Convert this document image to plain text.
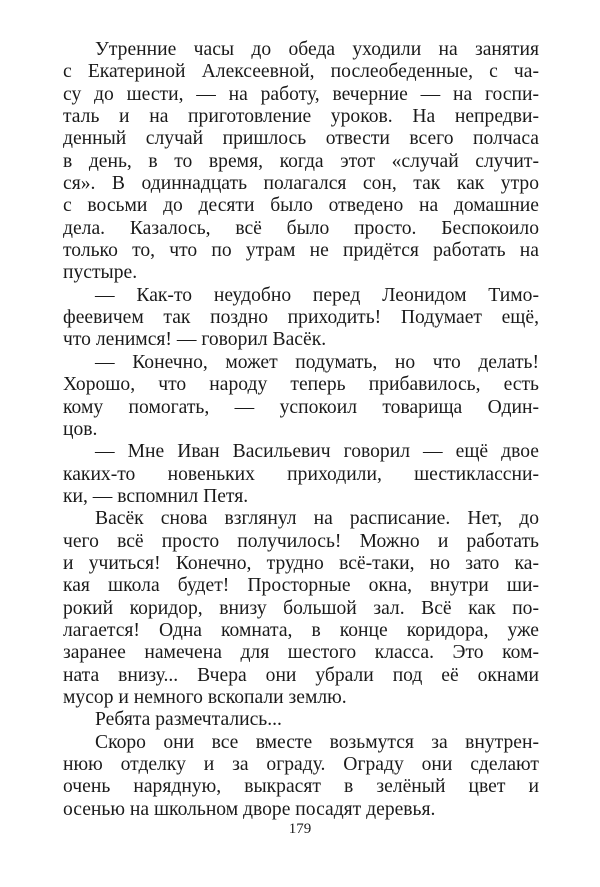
Утренние часы до обеда уходили на занятия
с Екатериной Алексеевной, послеобеденные, с ча-
су до шести, — на работу, вечерние — на госпи-
таль и на приготовление уроков. На непредви-
денный случай пришлось отвести всего полчаса
в день, в то время, когда этот «случай случит-
ся». В одиннадцать полагался сон, так как утро
с восьми до десяти было отведено на домашние
дела. Казалось, всё было просто. Беспокоило
только то, что по утрам не придётся работать на
пустыре.
— Как-то неудобно перед Леонидом Тимо-
феевичем так поздно приходить! Подумает ещё,
что ленимся! — говорил Васёк.
— Конечно, может подумать, но что делать!
Хорошо, что народу теперь прибавилось, есть
кому помогать, — успокоил товарища Один-
цов.
— Мне Иван Васильевич говорил — ещё двое
каких-то новеньких приходили, шестиклассни-
ки, — вспомнил Петя.
Васёк снова взглянул на расписание. Нет, до
чего всё просто получилось! Можно и работать
и учиться! Конечно, трудно всё-таки, но зато ка-
кая школа будет! Просторные окна, внутри ши-
рокий коридор, внизу большой зал. Всё как по-
лагается! Одна комната, в конце коридора, уже
заранее намечена для шестого класса. Это ком-
ната внизу... Вчера они убрали под её окнами
мусор и немного вскопали землю.
Ребята размечтались...
Скоро они все вместе возьмутся за внутрен-
нюю отделку и за ограду. Ограду они сделают
очень нарядную, выкрасят в зелёный цвет и
осенью на школьном дворе посадят деревья.
179
